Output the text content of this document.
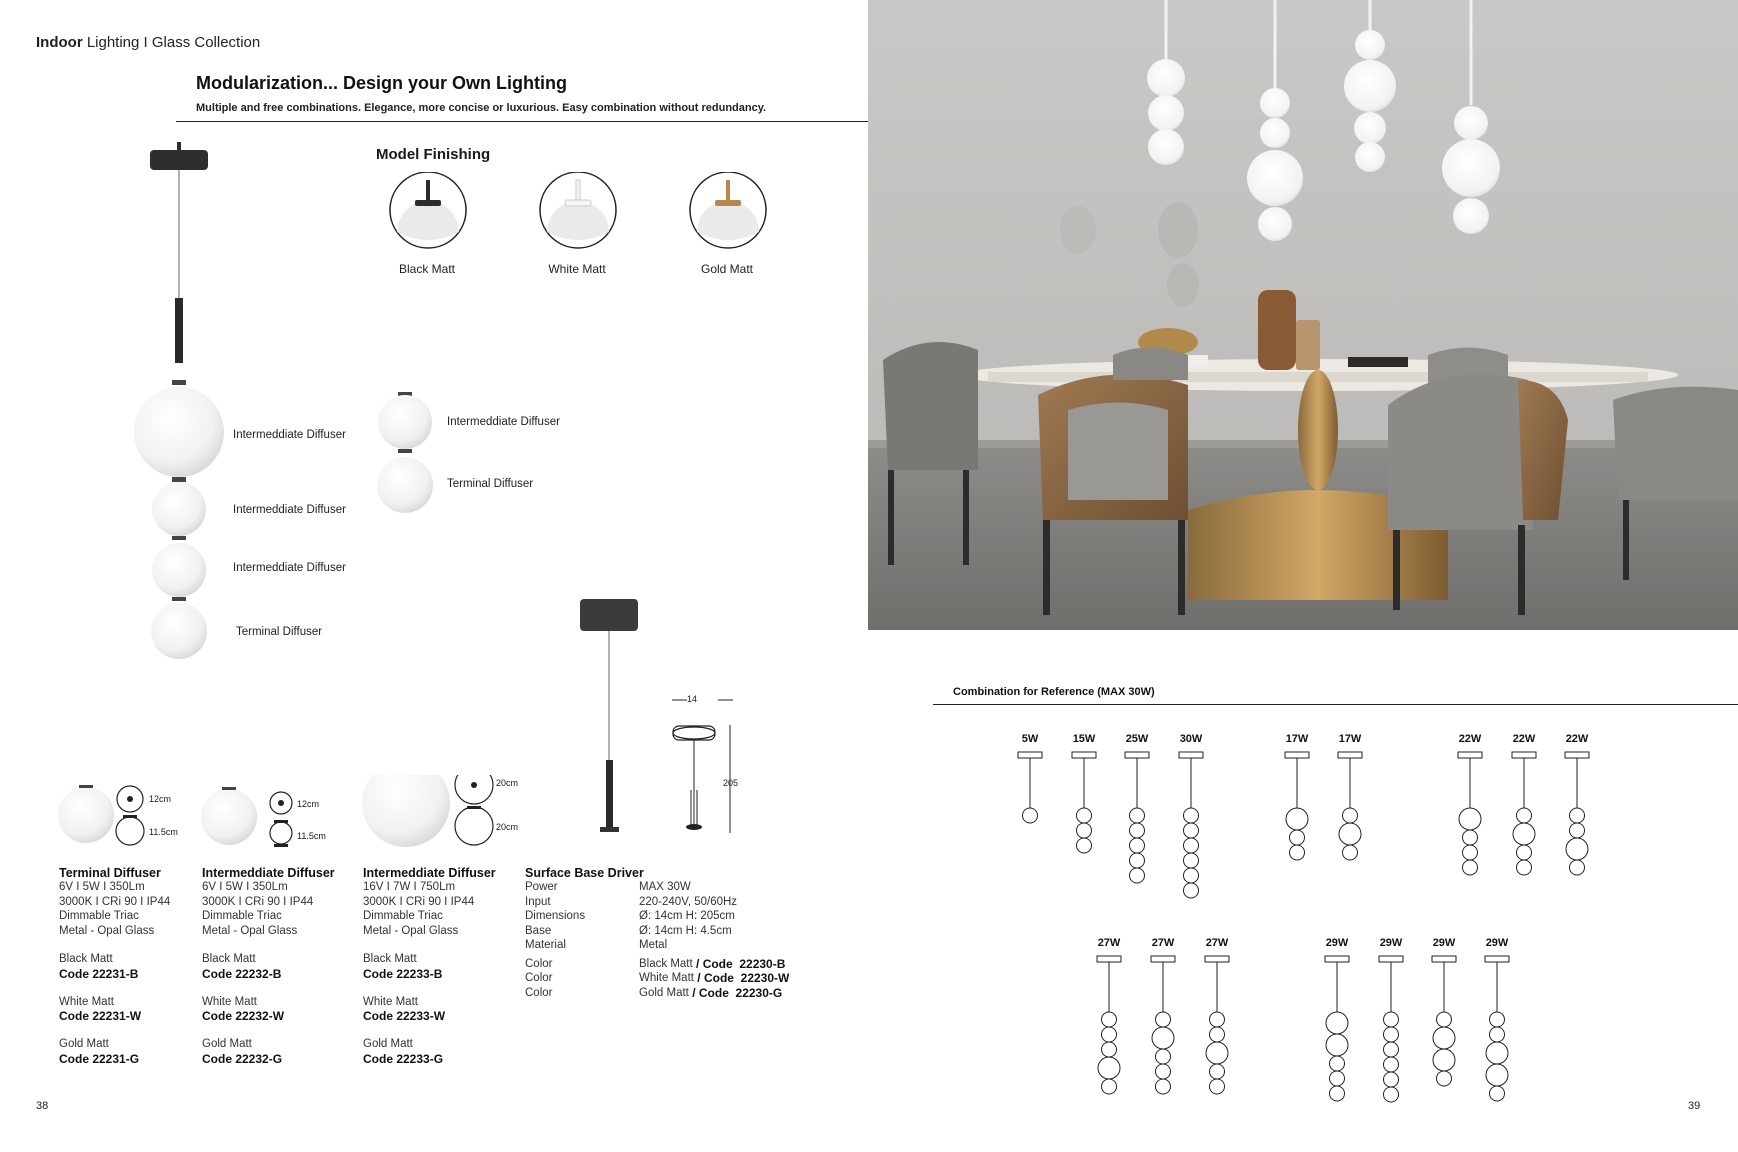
Indoor Lighting I Glass Collection
Modularization... Design your Own Lighting
Multiple and free combinations. Elegance, more concise or luxurious. Easy combination without redundancy.
Intermeddiate Diffuser
Intermeddiate Diffuser
Intermeddiate Diffuser
Terminal Diffuser
Model Finishing
Black Matt	White Matt	Gold Matt
Intermeddiate Diffuser
Terminal Diffuser
14
205
12cm
11.5cm
12cm
11.5cm
20cm
20cm
Terminal Diffuser
6V I 5W I 350Lm
3000K I CRi 90 I IP44
Dimmable Triac
Metal - Opal Glass
Black Matt
Code 22231-B
White Matt
Code 22231-W
Gold Matt
Code 22231-G
Intermeddiate Diffuser
6V I 5W I 350Lm
3000K I CRi 90 I IP44
Dimmable Triac
Metal - Opal Glass
Black Matt
Code 22232-B
White Matt
Code 22232-W
Gold Matt
Code 22232-G
Intermeddiate Diffuser
16V I 7W I 750Lm
3000K I CRi 90 I IP44
Dimmable Triac
Metal - Opal Glass
Black Matt
Code 22233-B
White Matt
Code 22233-W
Gold Matt
Code 22233-G
Surface Base Driver
Power	MAX 30W
Input	220-240V, 50/60Hz
Dimensions	Ø: 14cm H: 205cm
Base	Ø: 14cm H: 4.5cm
Material	Metal
Color	Black Matt / Code  22230-B
Color	White Matt / Code  22230-W
Color	Gold Matt / Code  22230-G
38
Combination for Reference (MAX 30W)
5W	15W	25W	30W	17W	17W	22W	22W	22W
27W	27W	27W	29W	29W	29W	29W
39
